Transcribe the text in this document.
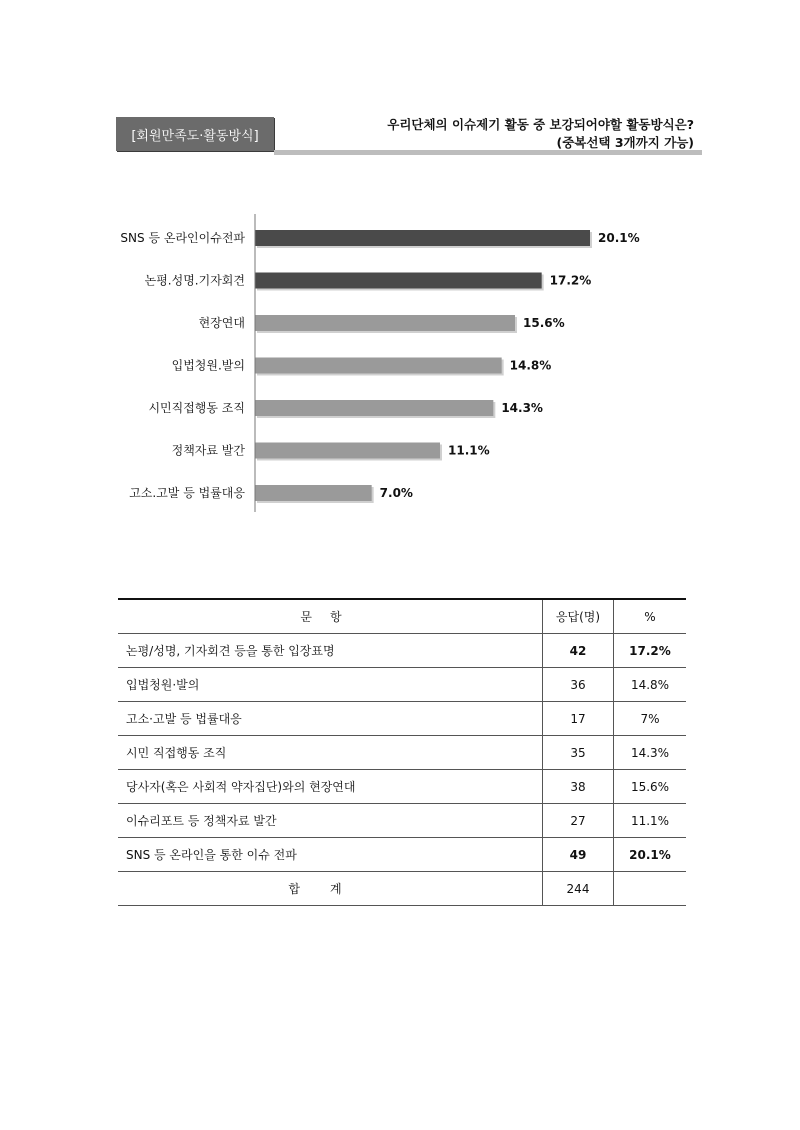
[회원만족도·활동방식]
우리단체의 이슈제기 활동 중 보강되어야할 활동방식은?
(중복선택 3개까지 가능)
SNS 등 온라인이슈전파	20.1%
논평.성명.기자회견	17.2%
현장연대	15.6%
입법청원.발의	14.8%
시민직접행동 조직	14.3%
정책자료 발간	11.1%
고소.고발 등 법률대응	7.0%
문항	응답(명)	%
논평/성명, 기자회견 등을 통한 입장표명	42	17.2%
입법청원·발의	36	14.8%
고소·고발 등 법률대응	17	7%
시민 직접행동 조직	35	14.3%
당사자(혹은 사회적 약자집단)와의 현장연대	38	15.6%
이슈리포트 등 정책자료 발간	27	11.1%
SNS 등 온라인을 통한 이슈 전파	49	20.1%
합계	244	
